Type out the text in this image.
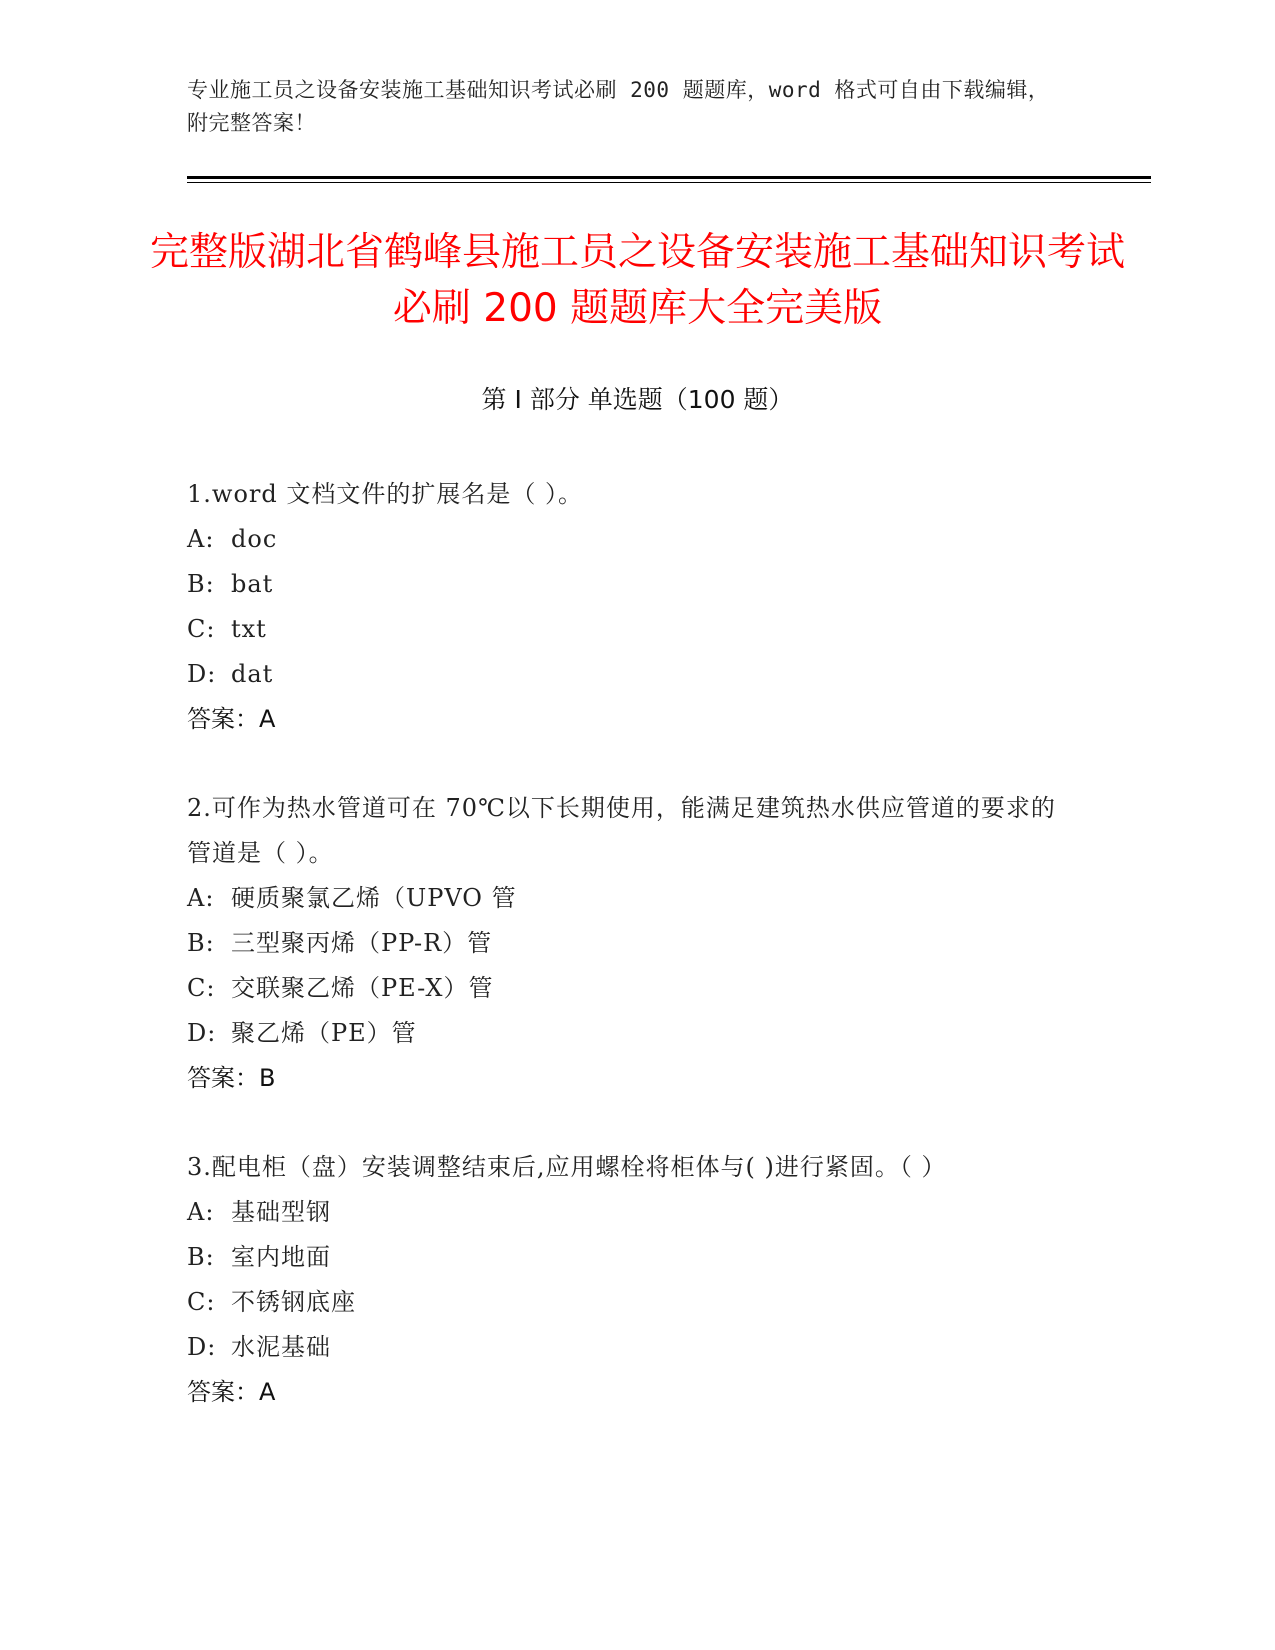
专业施工员之设备安装施工基础知识考试必刷 200 题题库，word 格式可自由下载编辑，附完整答案！
完整版湖北省鹤峰县施工员之设备安装施工基础知识考试必刷 200 题题库大全完美版
第 I 部分 单选题（100 题）
1.word 文档文件的扩展名是（ ）。
A: doc
B: bat
C: txt
D: dat
答案：A
2.可作为热水管道可在 70℃以下长期使用，能满足建筑热水供应管道的要求的管道是（ ）。
A: 硬质聚氯乙烯（UPVO 管
B: 三型聚丙烯（PP-R）管
C: 交联聚乙烯（PE-X）管
D: 聚乙烯（PE）管
答案：B
3.配电柜（盘）安装调整结束后,应用螺栓将柜体与( )进行紧固。（ ）
A: 基础型钢
B: 室内地面
C: 不锈钢底座
D: 水泥基础
答案：A
